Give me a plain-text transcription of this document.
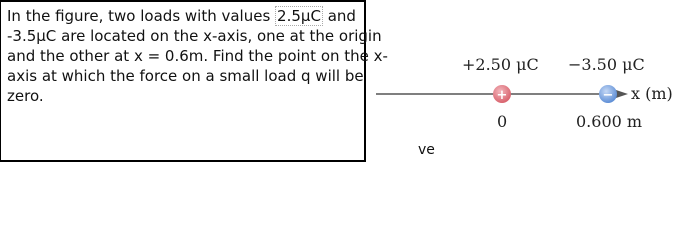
In the figure, two loads with values 2.5μC and
-3.5μC are located on the x-axis, one at the origin
and the other at x = 0.6m. Find the point on the x-
axis at which the force on a small load q will be
zero.	+	−
+2.50 μC −3.50 μC
x (m)
0	0.600 m
ve
